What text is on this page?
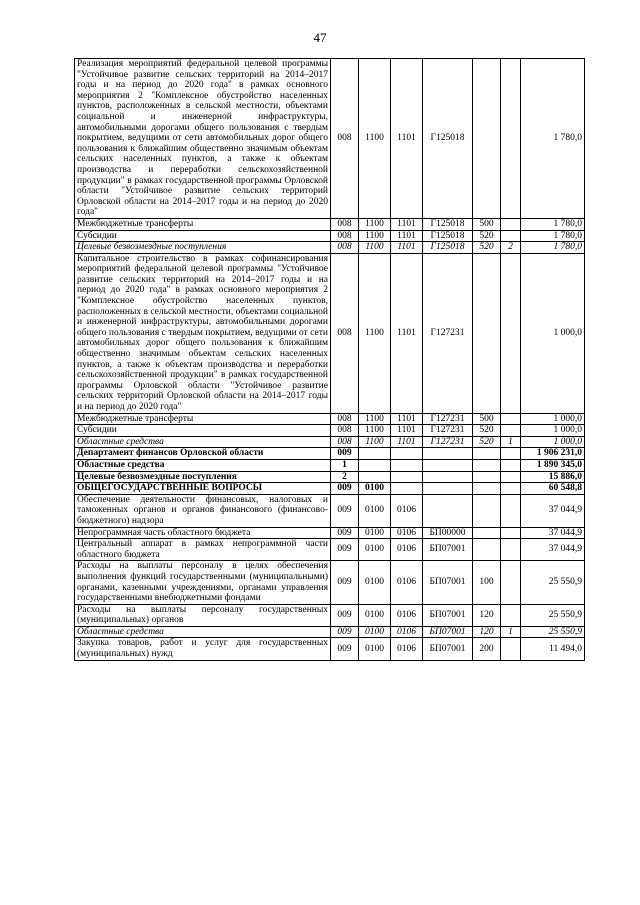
47
Реализация мероприятий федеральной целевой программы "Устойчивое развитие сельских территорий на 2014–2017 годы и на период до 2020 года" в рамках основного мероприятия 2 "Комплексное обустройство населенных пунктов, расположенных в сельской местности, объектами социальной и инженерной инфраструктуры, автомобильными дорогами общего пользования с твердым покрытием, ведущими от сети автомобильных дорог общего пользования к ближайшим общественно значимым объектам сельских населенных пунктов, а также к объектам производства и переработки сельскохозяйственной продукции" в рамках государственной программы Орловской области "Устойчивое развитие сельских территорий Орловской области на 2014–2017 годы и на период до 2020 года"	008	1100	1101	Г125018			1 780,0
Межбюджетные трансферты	008	1100	1101	Г125018	500		1 780,0
Субсидии	008	1100	1101	Г125018	520		1 780,0
Целевые безвозмездные поступления	008	1100	1101	Г125018	520	2	1 780,0
Капитальное строительство в рамках софинансирования мероприятий федеральной целевой программы "Устойчивое развитие сельских территорий на 2014–2017 годы и на период до 2020 года" в рамках основного мероприятия 2 "Комплексное обустройство населенных пунктов, расположенных в сельской местности, объектами социальной и инженерной инфраструктуры, автомобильными дорогами общего пользования с твердым покрытием, ведущими от сети автомобильных дорог общего пользования к ближайшим общественно значимым объектам сельских населенных пунктов, а также к объектам производства и переработки сельскохозяйственной продукции" в рамках государственной программы Орловской области "Устойчивое развитие сельских территорий Орловской области на 2014–2017 годы и на период до 2020 года"	008	1100	1101	Г127231			1 000,0
Межбюджетные трансферты	008	1100	1101	Г127231	500		1 000,0
Субсидии	008	1100	1101	Г127231	520		1 000,0
Областные средства	008	1100	1101	Г127231	520	1	1 000,0
Департамент финансов Орловской области	009						1 906 231,0
Областные средства	1						1 890 345,0
Целевые безвозмездные поступления	2						15 886,0
ОБЩЕГОСУДАРСТВЕННЫЕ ВОПРОСЫ	009	0100					60 548,8
Обеспечение деятельности финансовых, налоговых и таможенных органов и органов финансового (финансово-бюджетного) надзора	009	0100	0106				37 044,9
Непрограммная часть областного бюджета	009	0100	0106	БП00000			37 044,9
Центральный аппарат в рамках непрограммной части областного бюджета	009	0100	0106	БП07001			37 044,9
Расходы на выплаты персоналу в целях обеспечения выполнения функций государственными (муниципальными) органами, казенными учреждениями, органами управления государственными внебюджетными фондами	009	0100	0106	БП07001	100		25 550,9
Расходы на выплаты персоналу государственных (муниципальных) органов	009	0100	0106	БП07001	120		25 550,9
Областные средства	009	0100	0106	БП07001	120	1	25 550,9
Закупка товаров, работ и услуг для государственных (муниципальных) нужд	009	0100	0106	БП07001	200		11 494,0
